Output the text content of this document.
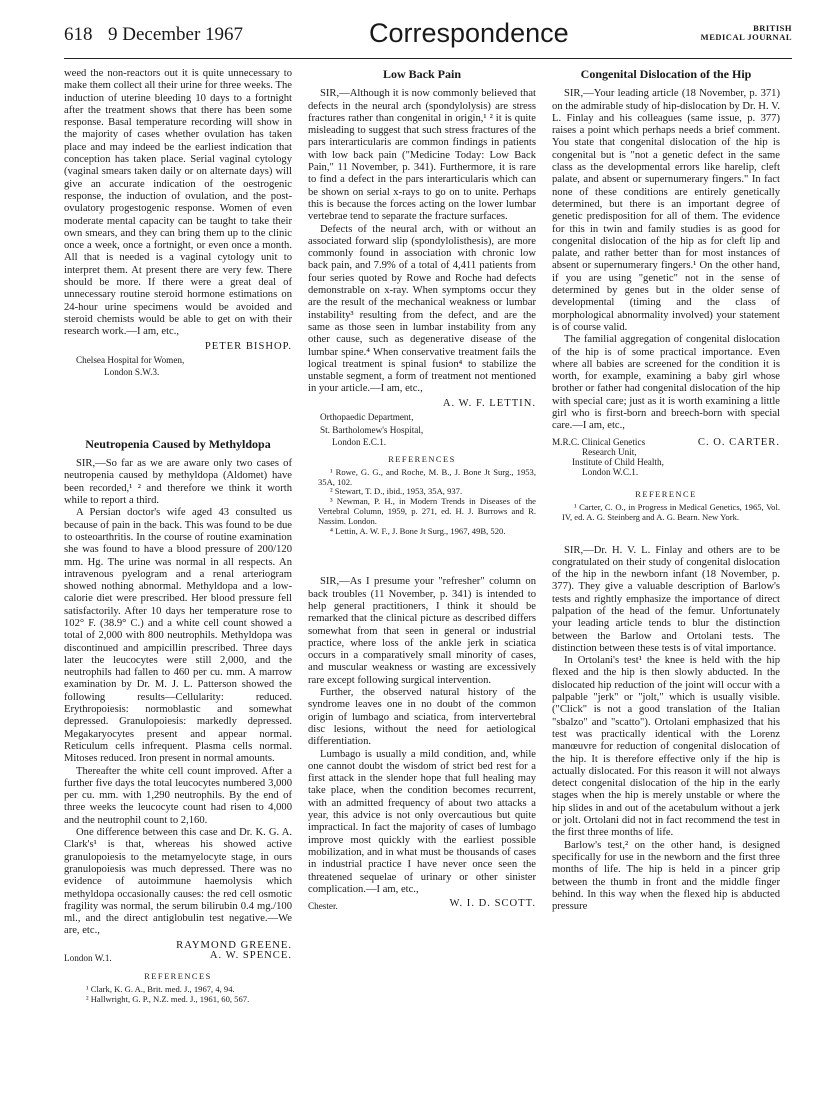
618 9 December 1967	Correspondence	BRITISH
MEDICAL JOURNAL

weed the non-reactors out it is quite unnecessary to make them collect all their urine for three weeks. The induction of uterine bleeding 10 days to a fortnight after the treatment shows that there has been some response. Basal temperature recording will show in the majority of cases whether ovulation has taken place and may indeed be the earliest indication that conception has taken place. Serial vaginal cytology (vaginal smears taken daily or on alternate days) will give an accurate indication of the oestrogenic response, the induction of ovulation, and the post-ovulatory progestogenic response. Women of even moderate mental capacity can be taught to take their own smears, and they can bring them up to the clinic once a week, once a fortnight, or even once a month. All that is needed is a vaginal cytology unit to interpret them. At present there are very few. There should be more. If there were a great deal of unnecessary routine steroid hormone estimations on 24-hour urine specimens would be avoided and steroid chemists would be able to get on with their research work.—I am, etc.,

PETER BISHOP.
Chelsea Hospital for Women,
London S.W.3.
Neutropenia Caused by Methyldopa

SIR,—So far as we are aware only two cases of neutropenia caused by methyldopa (Aldomet) have been recorded,¹ ² and therefore we think it worth while to report a third.

A Persian doctor's wife aged 43 consulted us because of pain in the back. This was found to be due to osteoarthritis. In the course of routine examination she was found to have a blood pressure of 200/120 mm. Hg. The urine was normal in all respects. An intravenous pyelogram and a renal arteriogram showed nothing abnormal. Methyldopa and a low-calorie diet were prescribed. Her blood pressure fell satisfactorily. After 10 days her temperature rose to 102° F. (38.9° C.) and a white cell count showed a total of 2,000 with 800 neutrophils. Methyldopa was discontinued and ampicillin prescribed. Three days later the leucocytes were still 2,000, and the neutrophils had fallen to 460 per cu. mm. A marrow examination by Dr. M. J. L. Patterson showed the following results—Cellularity: reduced. Erythropoiesis: normoblastic and somewhat depressed. Granulopoiesis: markedly depressed. Megakaryocytes present and appear normal. Reticulum cells infrequent. Plasma cells normal. Mitoses reduced. Iron present in normal amounts.

Thereafter the white cell count improved. After a further five days the total leucocytes numbered 3,000 per cu. mm. with 1,290 neutrophils. By the end of three weeks the leucocyte count had risen to 4,000 and the neutrophil count to 2,160.

One difference between this case and Dr. K. G. A. Clark's¹ is that, whereas his showed active granulopoiesis to the metamyelocyte stage, in ours granulopoiesis was much depressed. There was no evidence of autoimmune haemolysis which methyldopa occasionally causes: the red cell osmotic fragility was normal, the serum bilirubin 0.4 mg./100 ml., and the direct antiglobulin test negative.—We are, etc.,

RAYMOND GREENE.
London W.1.	A. W. SPENCE.
REFERENCES

¹ Clark, K. G. A., Brit. med. J., 1967, 4, 94.

² Hallwright, G. P., N.Z. med. J., 1961, 60, 567.

Low Back Pain

SIR,—Although it is now commonly believed that defects in the neural arch (spondylolysis) are stress fractures rather than congenital in origin,¹ ² it is quite misleading to suggest that such stress fractures of the pars interarticularis are common findings in patients with low back pain ("Medicine Today: Low Back Pain," 11 November, p. 341). Furthermore, it is rare to find a defect in the pars interarticularis which can be shown on serial x-rays to go on to unite. Perhaps this is because the forces acting on the lower lumbar vertebrae tend to separate the fracture surfaces.

Defects of the neural arch, with or without an associated forward slip (spondylolisthesis), are more commonly found in association with chronic low back pain, and 7.9% of a total of 4,411 patients from four series quoted by Rowe and Roche had defects demonstrable on x-ray. When symptoms occur they are the result of the mechanical weakness or lumbar instability³ resulting from the defect, and are the same as those seen in lumbar instability from any other cause, such as degenerative disease of the lumbar spine.⁴ When conservative treatment fails the logical treatment is spinal fusion⁴ to stabilize the unstable segment, a form of treatment not mentioned in your article.—I am, etc.,

A. W. F. LETTIN.
Orthopaedic Department,
St. Bartholomew's Hospital,
London E.C.1.
REFERENCES

¹ Rowe, G. G., and Roche, M. B., J. Bone Jt Surg., 1953, 35A, 102.

² Stewart, T. D., ibid., 1953, 35A, 937.

³ Newman, P. H., in Modern Trends in Diseases of the Vertebral Column, 1959, p. 271, ed. H. J. Burrows and R. Nassim. London.

⁴ Lettin, A. W. F., J. Bone Jt Surg., 1967, 49B, 520.

SIR,—As I presume your "refresher" column on back troubles (11 November, p. 341) is intended to help general practitioners, I think it should be remarked that the clinical picture as described differs somewhat from that seen in general or industrial practice, where loss of the ankle jerk in sciatica occurs in a comparatively small minority of cases, and muscular weakness or wasting are excessively rare except following surgical intervention.

Further, the observed natural history of the syndrome leaves one in no doubt of the common origin of lumbago and sciatica, from intervertebral disc lesions, without the need for aetiological differentiation.

Lumbago is usually a mild condition, and, while one cannot doubt the wisdom of strict bed rest for a first attack in the slender hope that full healing may take place, when the condition becomes recurrent, with an admitted frequency of about two attacks a year, this advice is not only overcautious but quite impractical. In fact the majority of cases of lumbago improve most quickly with the earliest possible mobilization, and in what must be thousands of cases in industrial practice I have never once seen the threatened sequelae of urinary or other sinister complication.—I am, etc.,

Chester.	W. I. D. SCOTT.
Congenital Dislocation of the Hip

SIR,—Your leading article (18 November, p. 371) on the admirable study of hip-dislocation by Dr. H. V. L. Finlay and his colleagues (same issue, p. 377) raises a point which perhaps needs a brief comment. You state that congenital dislocation of the hip is congenital but is "not a genetic defect in the same class as the developmental errors like harelip, cleft palate, and absent or supernumerary fingers." In fact none of these conditions are entirely genetically determined, but there is an important degree of genetic predisposition for all of them. The evidence for this in twin and family studies is as good for congenital dislocation of the hip as for cleft lip and palate, and rather better than for most instances of absent or supernumerary fingers.¹ On the other hand, if you are using "genetic" not in the sense of determined by genes but in the older sense of developmental (timing and the class of morphological abnormality involved) your statement is of course valid.

The familial aggregation of congenital dislocation of the hip is of some practical importance. Even where all babies are screened for the condition it is worth, for example, examining a baby girl whose brother or father had congenital dislocation of the hip with special care; just as it is worth examining a little girl who is first-born and breech-born with special care.—I am, etc.,

M.R.C. Clinical Genetics
Research Unit,
Institute of Child Health,
London W.C.1.
C. O. CARTER.
REFERENCE

¹ Carter, C. O., in Progress in Medical Genetics, 1965, Vol. IV, ed. A. G. Steinberg and A. G. Bearn. New York.

SIR,—Dr. H. V. L. Finlay and others are to be congratulated on their study of congenital dislocation of the hip in the newborn infant (18 November, p. 377). They give a valuable description of Barlow's tests and rightly emphasize the importance of direct palpation of the head of the femur. Unfortunately your leading article tends to blur the distinction between the Barlow and Ortolani tests. The distinction between these tests is of vital importance.

In Ortolani's test¹ the knee is held with the hip flexed and the hip is then slowly abducted. In the dislocated hip reduction of the joint will occur with a palpable "jerk" or "jolt," which is usually visible. ("Click" is not a good translation of the Italian "sbalzo" and "scatto"). Ortolani emphasized that his test was practically identical with the Lorenz manœuvre for reduction of congenital dislocation of the hip. It is therefore effective only if the hip is actually dislocated. For this reason it will not always detect congenital dislocation of the hip in the early stages when the hip is merely unstable or where the hip slides in and out of the acetabulum without a jerk or jolt. Ortolani did not in fact recommend the test in the first three months of life.

Barlow's test,² on the other hand, is designed specifically for use in the newborn and the first three months of life. The hip is held in a pincer grip between the thumb in front and the middle finger behind. In this way when the flexed hip is abducted pressure
